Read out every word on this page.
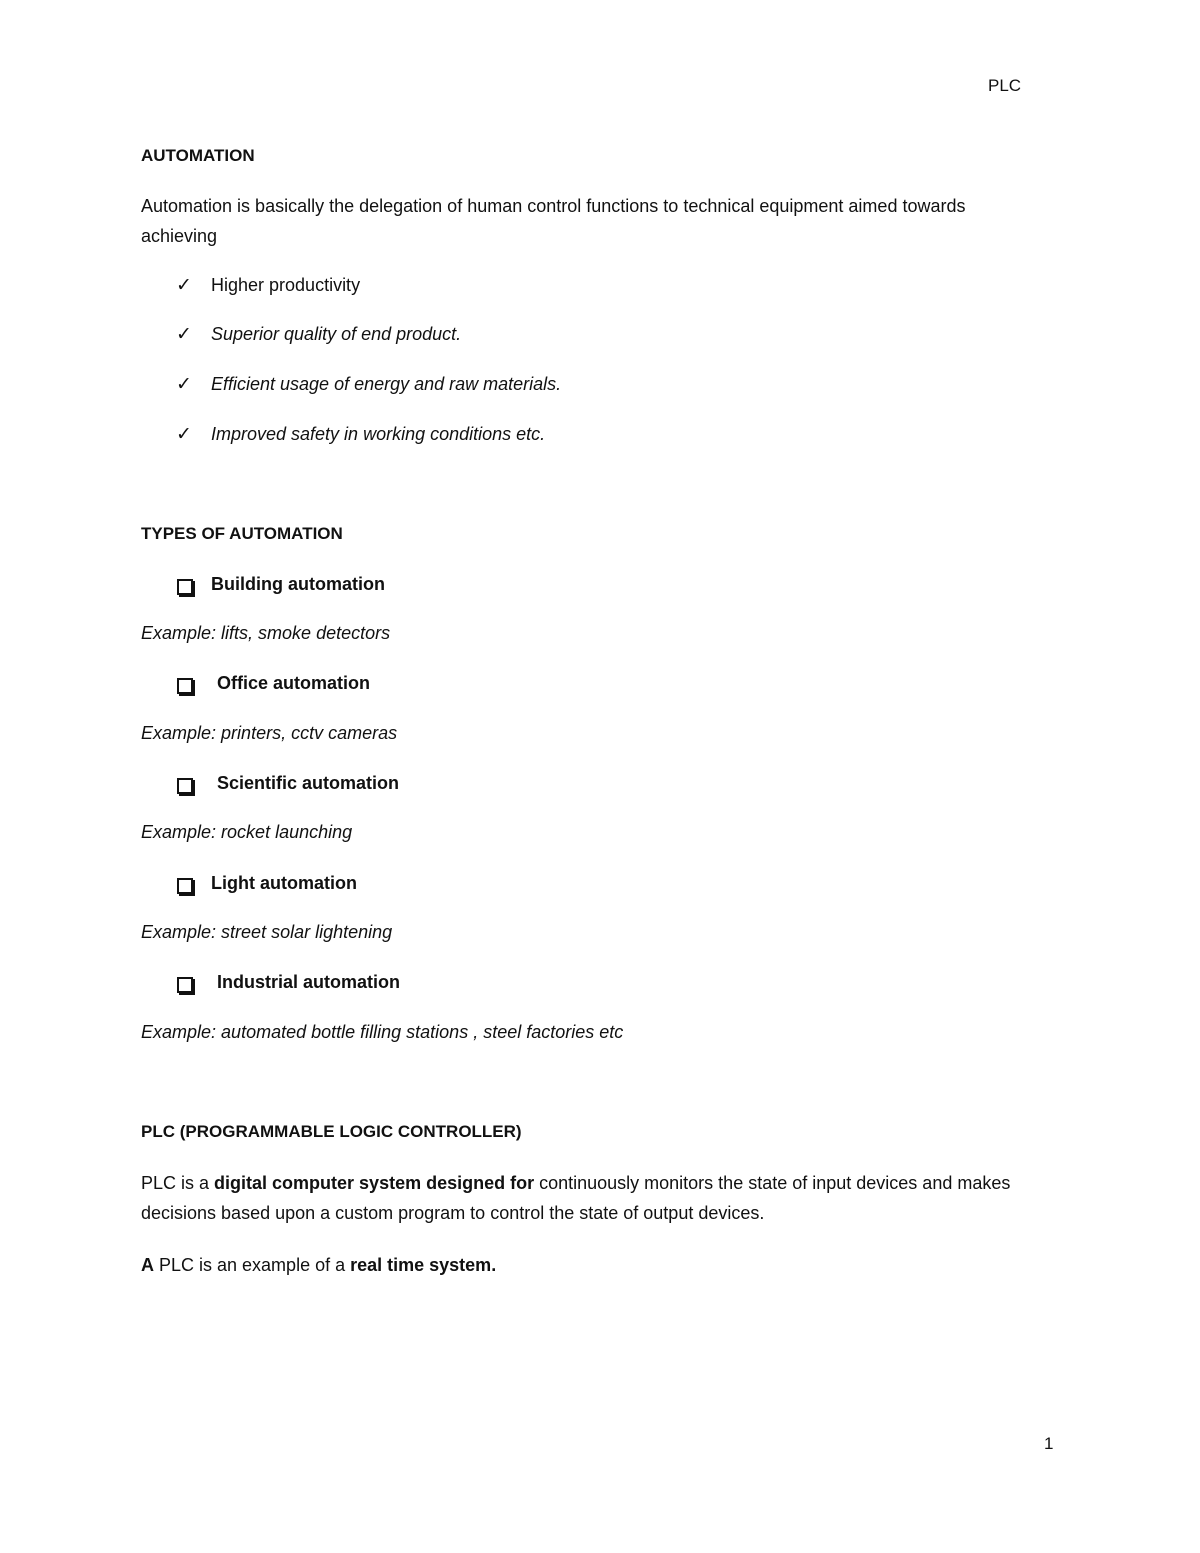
PLC
AUTOMATION
Automation is basically the delegation of human control functions to technical equipment aimed towards achieving
✓ Higher productivity
✓ Superior quality of end product.
✓ Efficient usage of energy and raw materials.
✓ Improved safety in working conditions etc.
TYPES OF AUTOMATION
Building automation
Example: lifts, smoke detectors
Office automation
Example: printers, cctv cameras
Scientific automation
Example: rocket launching
Light automation
Example: street solar lightening
Industrial automation
Example: automated bottle filling stations , steel factories etc
PLC (PROGRAMMABLE LOGIC CONTROLLER)
PLC is a digital computer system designed for continuously monitors the state of input devices and makes decisions based upon a custom program to control the state of output devices.
A PLC is an example of a real time system.
1
